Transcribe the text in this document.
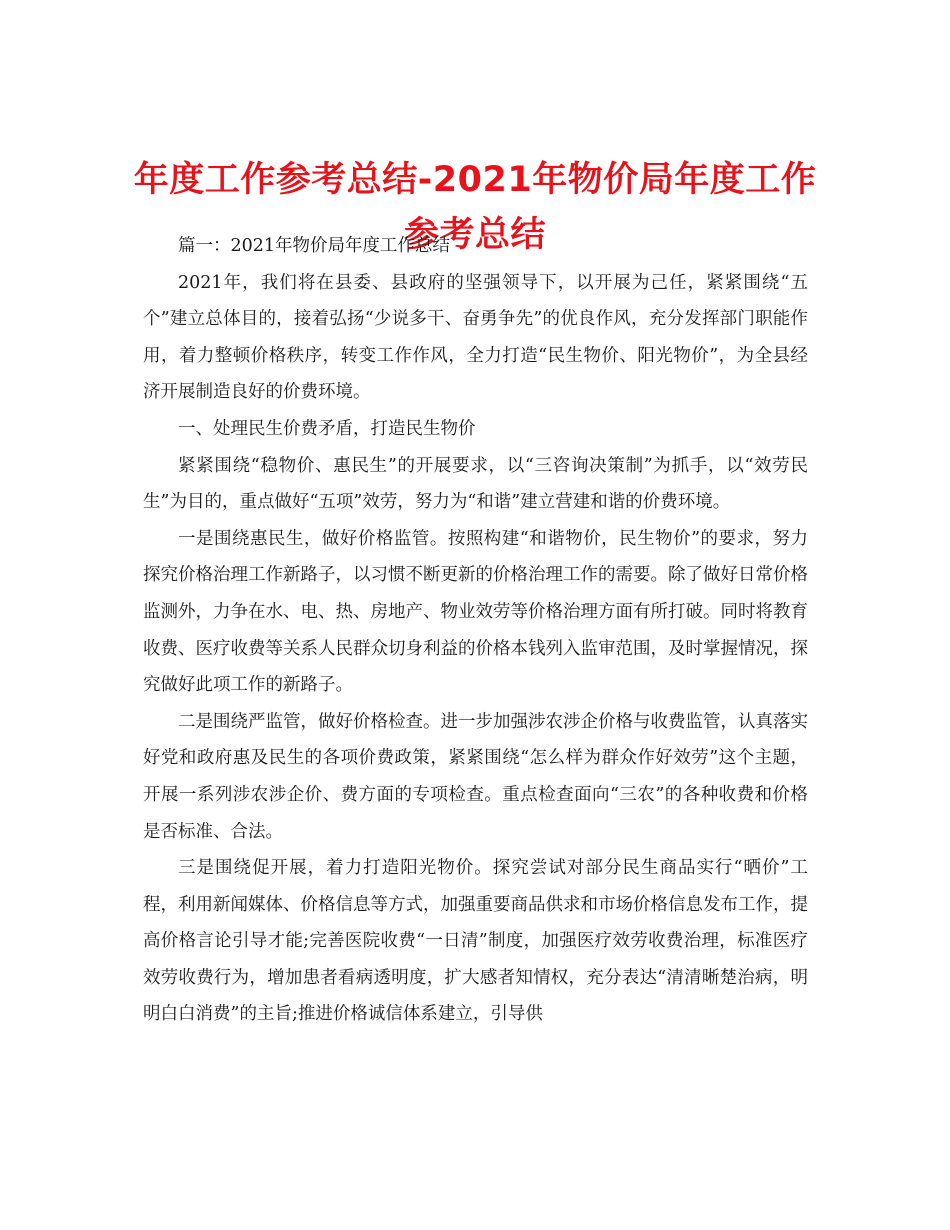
年度工作参考总结-2021年物价局年度工作参考总结

篇一：2021年物价局年度工作总结

2021年，我们将在县委、县政府的坚强领导下，以开展为己任，紧紧围绕“五个”建立总体目的，接着弘扬“少说多干、奋勇争先”的优良作风，充分发挥部门职能作用，着力整顿价格秩序，转变工作作风，全力打造“民生物价、阳光物价”，为全县经济开展制造良好的价费环境。

一、处理民生价费矛盾，打造民生物价

紧紧围绕“稳物价、惠民生”的开展要求，以“三咨询决策制”为抓手，以“效劳民生”为目的，重点做好“五项”效劳，努力为“和谐”建立营建和谐的价费环境。

一是围绕惠民生，做好价格监管。按照构建“和谐物价，民生物价”的要求，努力探究价格治理工作新路子，以习惯不断更新的价格治理工作的需要。除了做好日常价格监测外，力争在水、电、热、房地产、物业效劳等价格治理方面有所打破。同时将教育收费、医疗收费等关系人民群众切身利益的价格本钱列入监审范围，及时掌握情况，探究做好此项工作的新路子。

二是围绕严监管，做好价格检查。进一步加强涉农涉企价格与收费监管，认真落实好党和政府惠及民生的各项价费政策，紧紧围绕“怎么样为群众作好效劳”这个主题，开展一系列涉农涉企价、费方面的专项检查。重点检查面向“三农”的各种收费和价格是否标准、合法。

三是围绕促开展，着力打造阳光物价。探究尝试对部分民生商品实行“晒价”工程，利用新闻媒体、价格信息等方式，加强重要商品供求和市场价格信息发布工作，提高价格言论引导才能;完善医院收费“一日清”制度，加强医疗效劳收费治理，标准医疗效劳收费行为，增加患者看病透明度，扩大感者知情权，充分表达“清清晰楚治病，明明白白消费”的主旨;推进价格诚信体系建立，引导供
